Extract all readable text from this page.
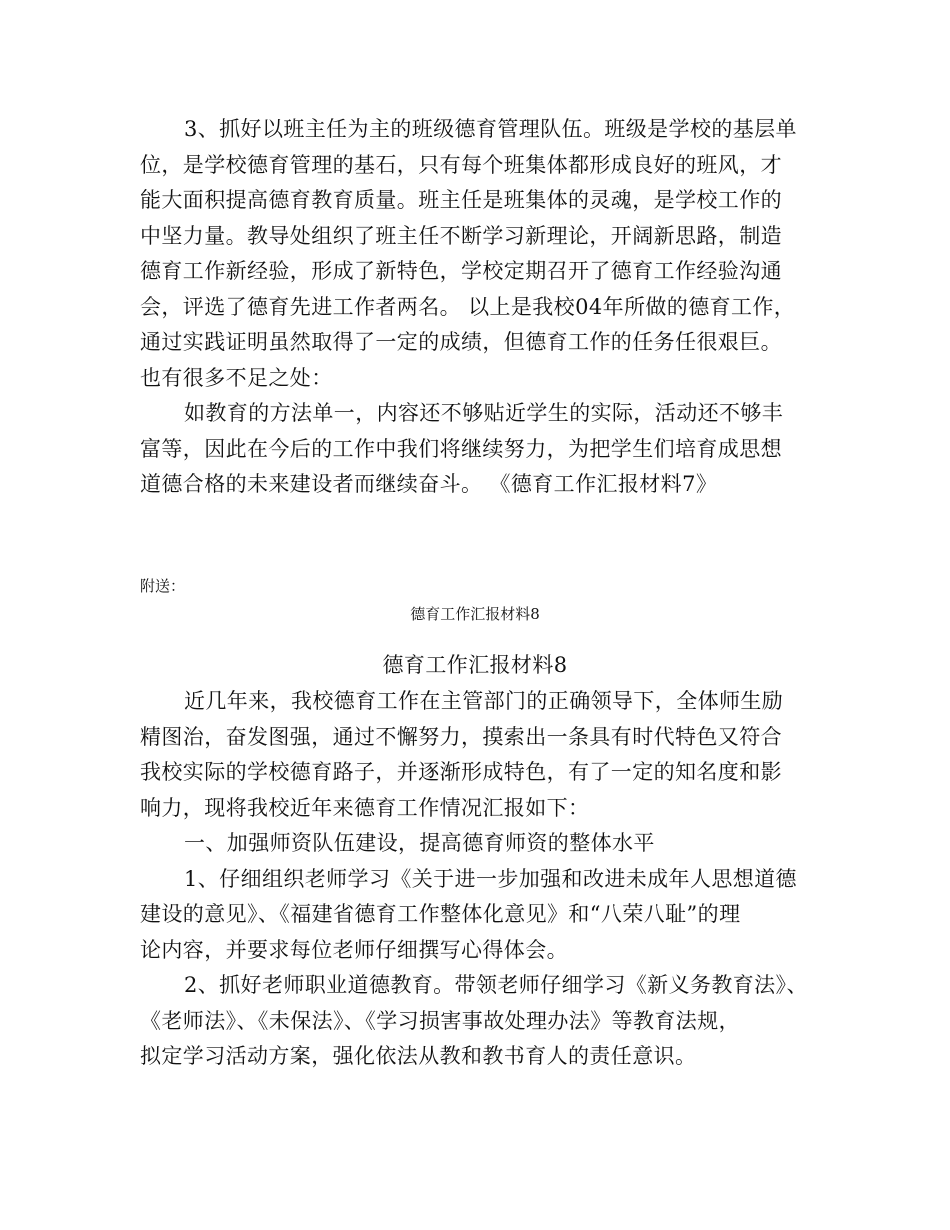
3、抓好以班主任为主的班级德育管理队伍。班级是学校的基层单
位，是学校德育管理的基石，只有每个班集体都形成良好的班风，才
能大面积提高德育教育质量。班主任是班集体的灵魂，是学校工作的
中坚力量。教导处组织了班主任不断学习新理论，开阔新思路，制造
德育工作新经验，形成了新特色，学校定期召开了德育工作经验沟通
会，评选了德育先进工作者两名。 以上是我校04年所做的德育工作，
通过实践证明虽然取得了一定的成绩，但德育工作的任务任很艰巨。
也有很多不足之处：
如教育的方法单一，内容还不够贴近学生的实际，活动还不够丰
富等，因此在今后的工作中我们将继续努力，为把学生们培育成思想
道德合格的未来建设者而继续奋斗。 《德育工作汇报材料7》

附送：

德育工作汇报材料8

德育工作汇报材料8

近几年来，我校德育工作在主管部门的正确领导下，全体师生励
精图治，奋发图强，通过不懈努力，摸索出一条具有时代特色又符合
我校实际的学校德育路子，并逐渐形成特色，有了一定的知名度和影
响力，现将我校近年来德育工作情况汇报如下：
一、加强师资队伍建设，提高德育师资的整体水平
1、仔细组织老师学习《关于进一步加强和改进未成年人思想道德
建设的意见》、《福建省德育工作整体化意见》和“八荣八耻”的理
论内容，并要求每位老师仔细撰写心得体会。
2、抓好老师职业道德教育。带领老师仔细学习《新义务教育法》、
《老师法》、《未保法》、《学习损害事故处理办法》等教育法规，
拟定学习活动方案，强化依法从教和教书育人的责任意识。
